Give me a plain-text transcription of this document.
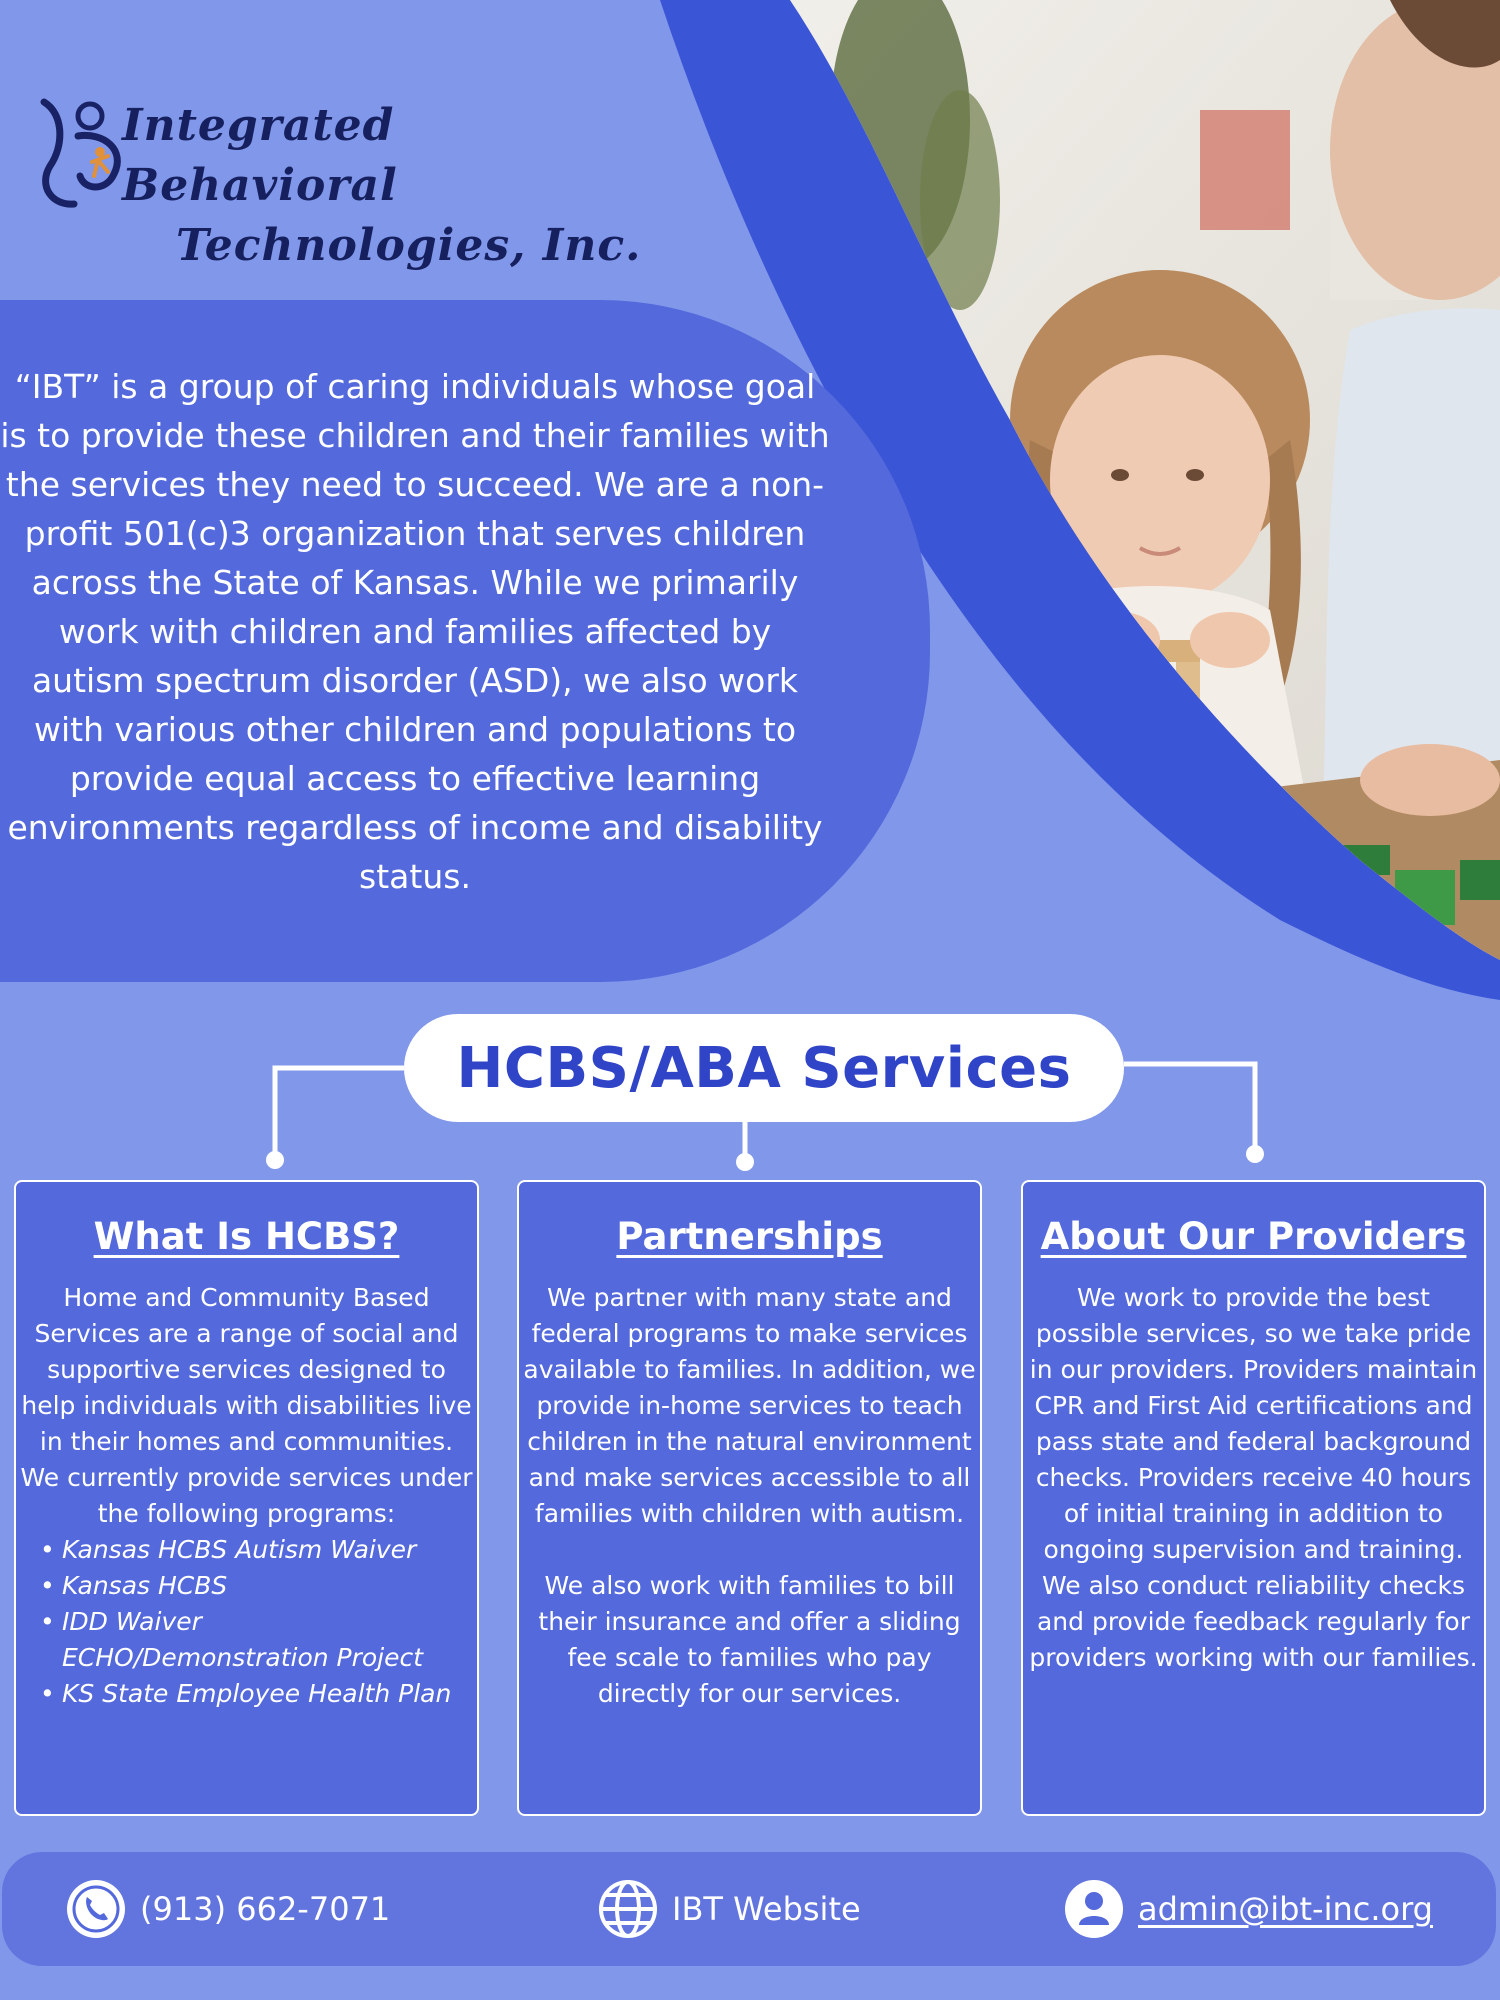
Integrated Behavioral
Technologies, Inc.
“IBT” is a group of caring individuals whose goal is to provide these children and their families with the services they need to succeed. We are a non-profit 501(c)3 organization that serves children across the State of Kansas. While we primarily work with children and families affected by autism spectrum disorder (ASD), we also work with various other children and populations to provide equal access to effective learning environments regardless of income and disability status.
HCBS/ABA Services
What Is HCBS?

Home and Community Based Services are a range of social and supportive services designed to help individuals with disabilities live in their homes and communities.

We currently provide services under the following programs:

• Kansas HCBS Autism Waiver
• Kansas HCBS
• IDD Waiver ECHO/Demonstration Project
• KS State Employee Health Plan
Partnerships

We partner with many state and federal programs to make services available to families. In addition, we provide in-home services to teach children in the natural environment and make services accessible to all families with children with autism.

We also work with families to bill their insurance and offer a sliding fee scale to families who pay directly for our services.

About Our Providers

We work to provide the best possible services, so we take pride in our providers. Providers maintain CPR and First Aid certifications and pass state and federal background checks. Providers receive 40 hours of initial training in addition to ongoing supervision and training. We also conduct reliability checks and provide feedback regularly for providers working with our families.

(913) 662-7071	IBT Website	admin@ibt-inc.org
